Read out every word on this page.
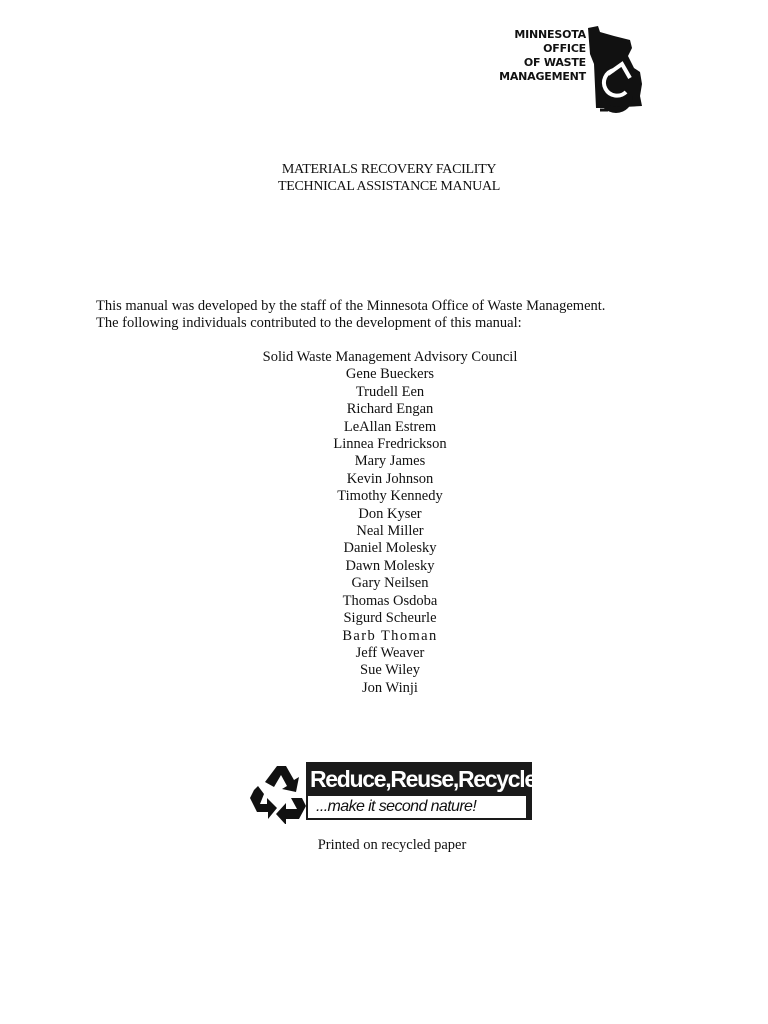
MINNESOTA
OFFICE
OF WASTE
MANAGEMENT
MATERIALS RECOVERY FACILITY
TECHNICAL ASSISTANCE MANUAL
This manual was developed by the staff of the Minnesota Office of Waste Management.
The following individuals contributed to the development of this manual:
Solid Waste Management Advisory Council
Gene Bueckers
Trudell Een
Richard Engan
LeAllan Estrem
Linnea Fredrickson
Mary James
Kevin Johnson
Timothy Kennedy
Don Kyser
Neal Miller
Daniel Molesky
Dawn Molesky
Gary Neilsen
Thomas Osdoba
Sigurd Scheurle
Barb Thoman
Jeff Weaver
Sue Wiley
Jon Winji
Reduce,Reuse,Recycle.
...make it second nature!
Printed on recycled paper
